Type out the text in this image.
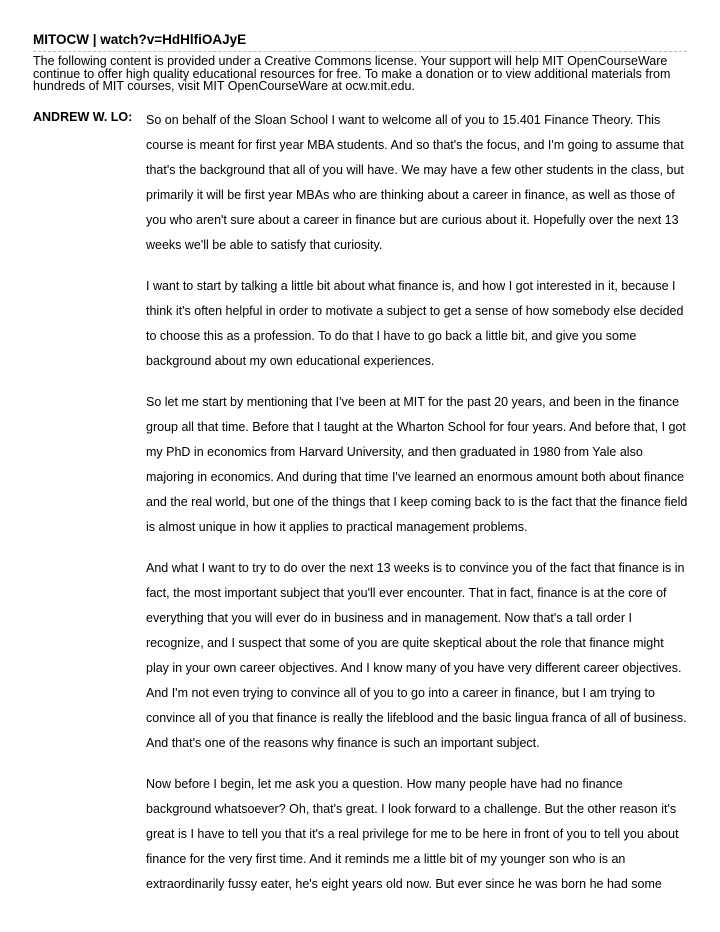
MITOCW | watch?v=HdHlfiOAJyE
The following content is provided under a Creative Commons license. Your support will help MIT OpenCourseWare continue to offer high quality educational resources for free. To make a donation or to view additional materials from hundreds of MIT courses, visit MIT OpenCourseWare at ocw.mit.edu.
ANDREW W. LO: So on behalf of the Sloan School I want to welcome all of you to 15.401 Finance Theory. This course is meant for first year MBA students. And so that's the focus, and I'm going to assume that that's the background that all of you will have. We may have a few other students in the class, but primarily it will be first year MBAs who are thinking about a career in finance, as well as those of you who aren't sure about a career in finance but are curious about it. Hopefully over the next 13 weeks we'll be able to satisfy that curiosity.

I want to start by talking a little bit about what finance is, and how I got interested in it, because I think it's often helpful in order to motivate a subject to get a sense of how somebody else decided to choose this as a profession. To do that I have to go back a little bit, and give you some background about my own educational experiences.

So let me start by mentioning that I've been at MIT for the past 20 years, and been in the finance group all that time. Before that I taught at the Wharton School for four years. And before that, I got my PhD in economics from Harvard University, and then graduated in 1980 from Yale also majoring in economics. And during that time I've learned an enormous amount both about finance and the real world, but one of the things that I keep coming back to is the fact that the finance field is almost unique in how it applies to practical management problems.

And what I want to try to do over the next 13 weeks is to convince you of the fact that finance is in fact, the most important subject that you'll ever encounter. That in fact, finance is at the core of everything that you will ever do in business and in management. Now that's a tall order I recognize, and I suspect that some of you are quite skeptical about the role that finance might play in your own career objectives. And I know many of you have very different career objectives. And I'm not even trying to convince all of you to go into a career in finance, but I am trying to convince all of you that finance is really the lifeblood and the basic lingua franca of all of business. And that's one of the reasons why finance is such an important subject.

Now before I begin, let me ask you a question. How many people have had no finance background whatsoever? Oh, that's great. I look forward to a challenge. But the other reason it's great is I have to tell you that it's a real privilege for me to be here in front of you to tell you about finance for the very first time. And it reminds me a little bit of my younger son who is an extraordinarily fussy eater, he's eight years old now. But ever since he was born he had some
